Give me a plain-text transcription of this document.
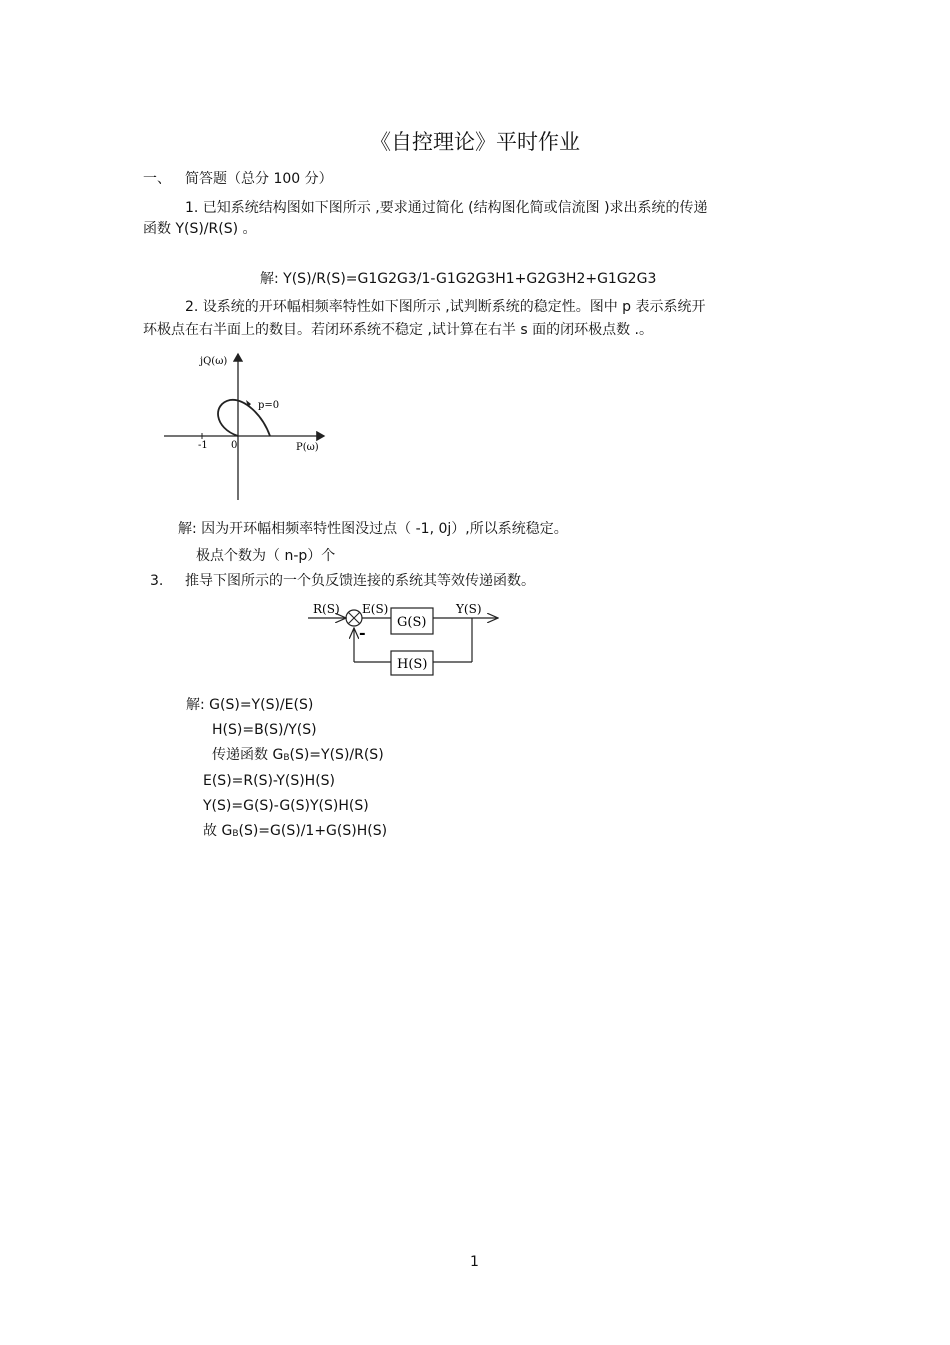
《自控理论》平时作业
一、 简答题（总分 100 分）
1. 已知系统结构图如下图所示 ,要求通过简化 (结构图化简或信流图 )求出系统的传递
函数 Y(S)/R(S) 。
解: Y(S)/R(S)=G1G2G3/1-G1G2G3H1+G2G3H2+G1G2G3
2. 设系统的开环幅相频率特性如下图所示 ,试判断系统的稳定性。图中 p 表示系统开
环极点在右半面上的数目。若闭环系统不稳定 ,试计算在右半 s 面的闭环极点数 .。
jQ(ω)
P(ω)
p=0
-1 0
解: 因为开环幅相频率特性图没过点（ -1, 0j）,所以系统稳定。
极点个数为（ n-p）个
3. 推导下图所示的一个负反馈连接的系统其等效传递函数。
R(S) E(S)
G(S)
Y(S)
H(S)
-
解: G(S)=Y(S)/E(S)
H(S)=B(S)/Y(S)
传递函数 GB(S)=Y(S)/R(S)
E(S)=R(S)-Y(S)H(S)
Y(S)=G(S)-G(S)Y(S)H(S)
故 GB(S)=G(S)/1+G(S)H(S)
1
